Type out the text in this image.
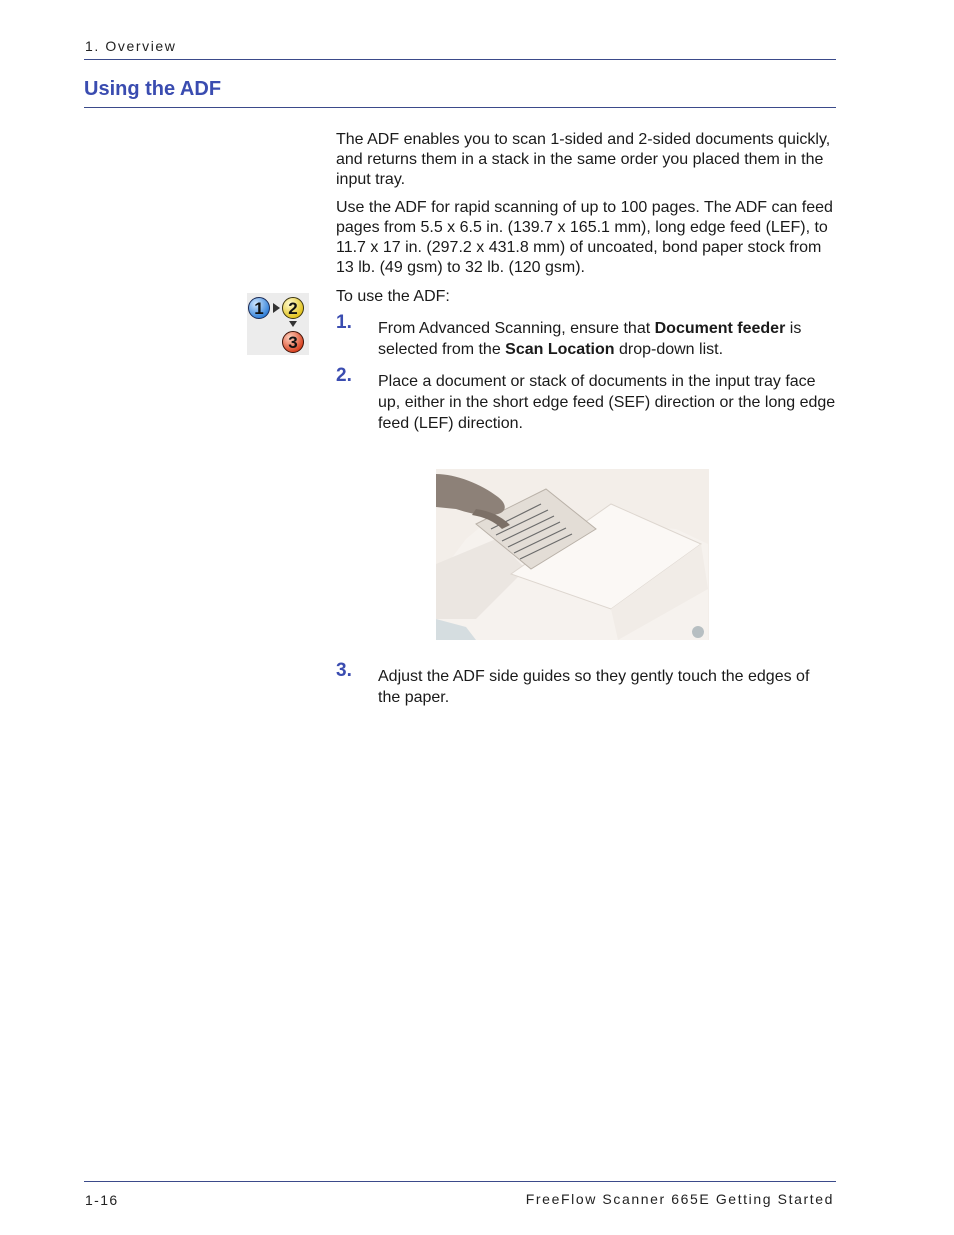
1. Overview
Using the ADF

The ADF enables you to scan 1-sided and 2-sided documents quickly, and returns them in a stack in the same order you placed them in the input tray.

Use the ADF for rapid scanning of up to 100 pages. The ADF can feed pages from 5.5 x 6.5 in. (139.7 x 165.1 mm), long edge feed (LEF), to 11.7 x 17 in. (297.2 x 431.8 mm) of uncoated, bond paper stock from 13 lb. (49 gsm) to 32 lb. (120 gsm).

To use the ADF:

1 2
3
1. From Advanced Scanning, ensure that Document feeder is selected from the Scan Location drop-down list.
2. Place a document or stack of documents in the input tray face up, either in the short edge feed (SEF) direction or the long edge feed (LEF) direction.
3. Adjust the ADF side guides so they gently touch the edges of the paper.
1-16	FreeFlow Scanner 665E Getting Started
